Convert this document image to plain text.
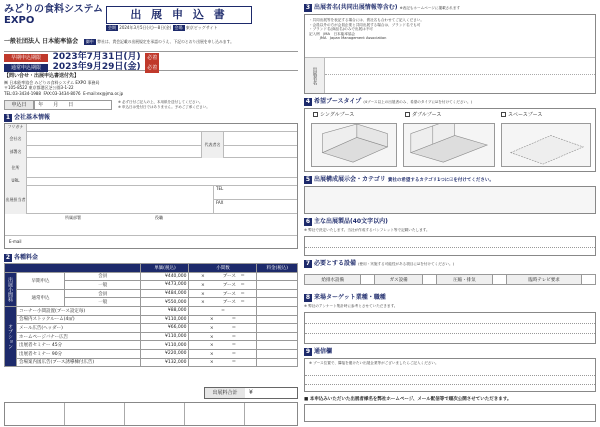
みどりの食料システム EXPO	出 展 申 込 書
会期 2024年3月5日(火)～8日(金) 会場 東京ビッグサイト
一般社団法人 日本能率協会 御中 弊社は、貴会記載の出展規定を承認のうえ、下記のとおり出展を申し込みます。
早期申込期限 2023年7月31日(月) 必着
通常申込期限 2023年9月29日(金) 必着
【問い合せ・出展申込書送付先】
㈱ 日本能率協会 みどりの食料システム EXPO 事務局
〒105-8522 東京都港区芝公園3-1-22
TEL:03-3434-1988 FAX:03-3434-8076 E-mail:ex@jma.or.jp
申込日	年　　月　　日	※ 必ず日付ご記入の上、本用紙を送付してください。
※ 申込日は受付日ではありません。予めご了承ください。
1 会社基本情報
フリガナ
会社名
部署名
代表者名
住所
URL
出展担当者
TEL
FAX
所属部署	役職
E-mail
2 各種料金
			単価(税込)	小間数	料金(税込)
出展小間料	早期申込	会員	¥440,000	×　　　　ブース　＝	
		一般	¥473,000	×　　　　ブース　＝	
	通常申込	会員	¥484,000	×　　　　ブース　＝	
		一般	¥550,000	×　　　　ブース　＝	
オプション	コーナー小間設置(ブース設定毎)		¥88,000	=	
	会場内ストックルーム(4㎡)		¥110,000	×　　　　＝	
	メール広告(ヘッダー)		¥66,000	×　　　　＝	
	ホームページバナー広告		¥110,000	×　　　　＝	
	出展者セミナー 45分		¥110,000	×　　　　＝	
	出展者セミナー 90分		¥220,000	×　　　　＝	
	会場案内図広告(ブース誘導棟付広告)		¥132,000	×　　　　＝	
出展料合計	¥
3 出展者名(共同出展情報等含む) ※表記もホームページに掲載されます
・共同出展等を表記する場合には、貴社名も合わせてご記入ください。
・会員以外の方が会員企業と共同出展する場合は、ブランド名でも可
・ブランド名(商品名)のみで出展は不可
記入例　JMA　日本能率協会
　　　JMA　Japan Management Association
出展者名
4 希望ブースタイプ (4ブース以上の出展者のみ、希望のタイプに☑を付けてください。)
シングルブース	ダブルブース	スペースブース
5 出展構成展示会・カテゴリ 貴社の希望するカテゴリ1つに☑を付けてください。
6 主な出展製品(40文字以内)
※ 弊社で決定いたします。当社が作成するパンフレット等で記載いたします。
7 必要とする設備 (使用・実施する可能性がある項目に☑を付けてください。)
給排水設備		ガス設備		圧縮・排気		臨時テレビ要求	
8 来場ターゲット業種・職種
※ 弊社のアンケート集計時に参考とさせていただきます。
9 通信欄
※ ブース位置で、隣接を避けたい出展企業等がございましたらご記入ください。
■ 本申込みいただいた出展者様名を弊社ホームページ、メール配信等で順次公開させていただきます。
